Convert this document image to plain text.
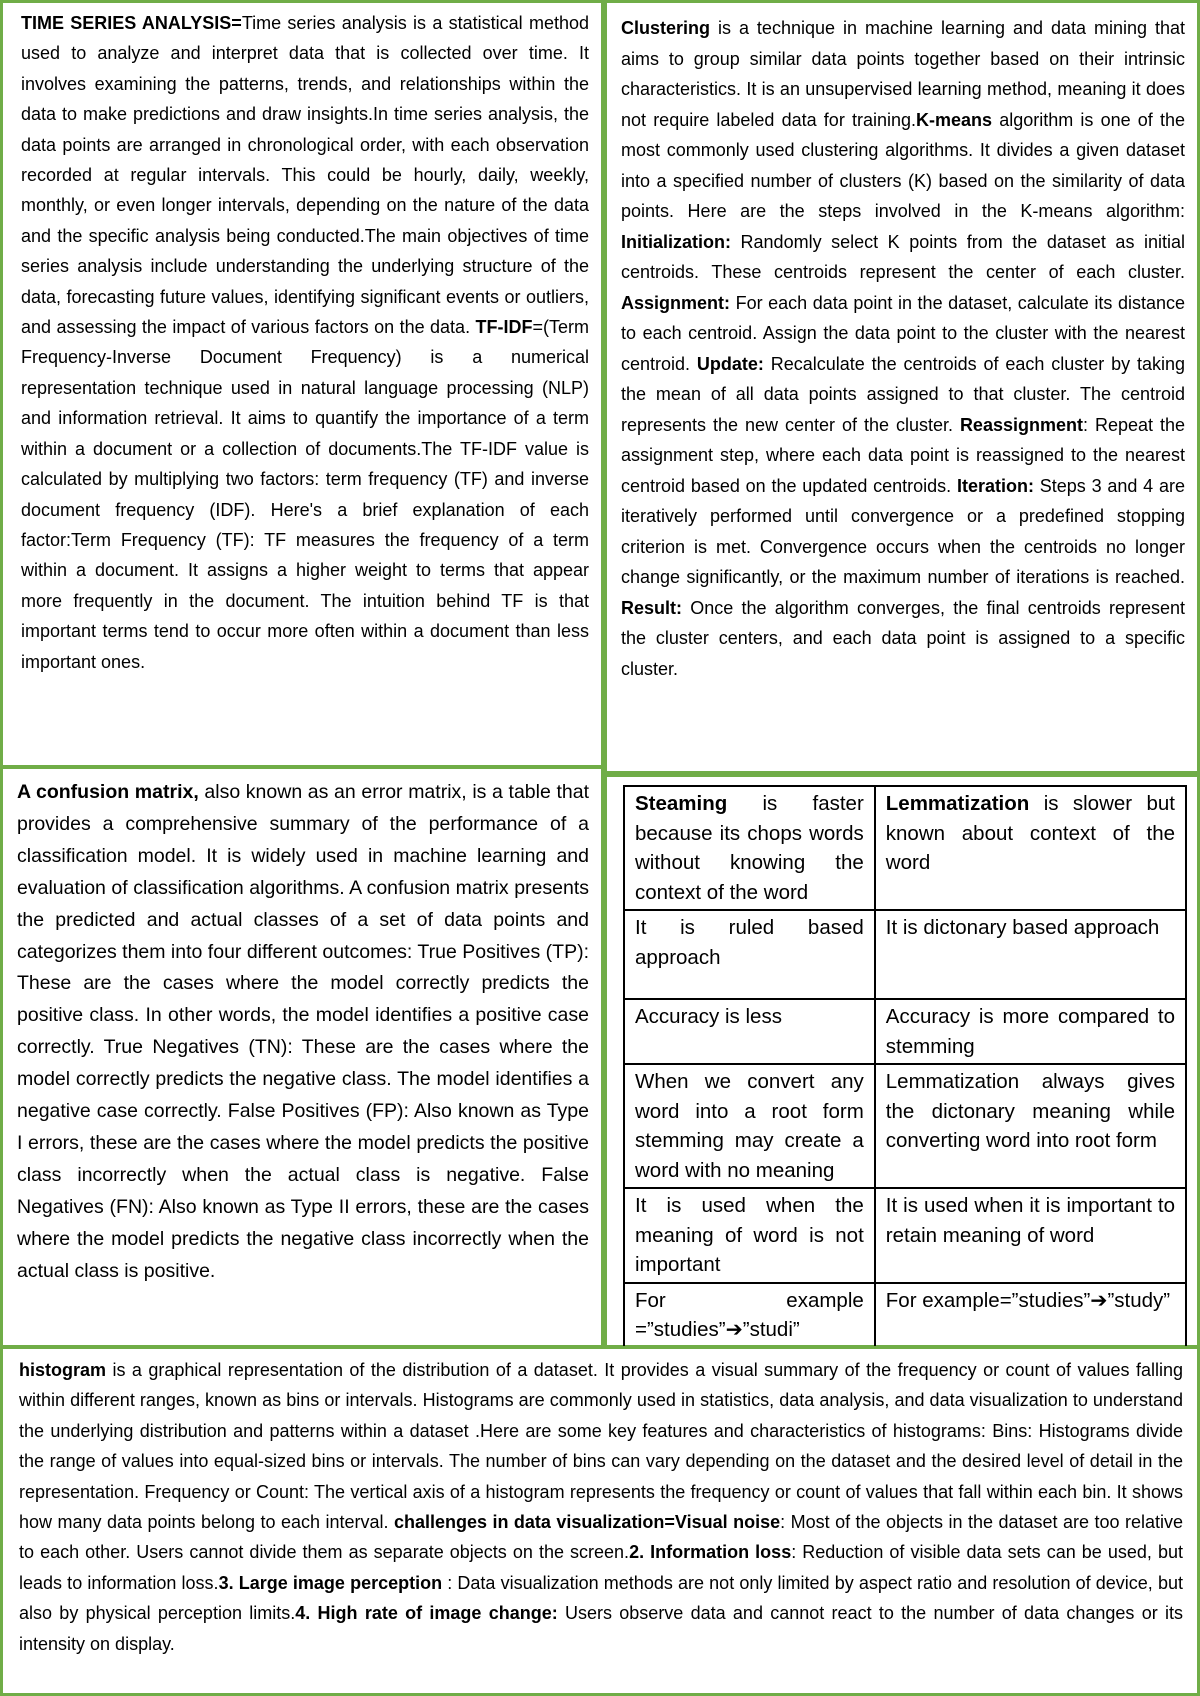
TIME SERIES ANALYSIS=Time series analysis is a statistical method used to analyze and interpret data that is collected over time. It involves examining the patterns, trends, and relationships within the data to make predictions and draw insights.In time series analysis, the data points are arranged in chronological order, with each observation recorded at regular intervals. This could be hourly, daily, weekly, monthly, or even longer intervals, depending on the nature of the data and the specific analysis being conducted.The main objectives of time series analysis include understanding the underlying structure of the data, forecasting future values, identifying significant events or outliers, and assessing the impact of various factors on the data. TF-IDF=(Term Frequency-Inverse Document Frequency) is a numerical representation technique used in natural language processing (NLP) and information retrieval. It aims to quantify the importance of a term within a document or a collection of documents.The TF-IDF value is calculated by multiplying two factors: term frequency (TF) and inverse document frequency (IDF). Here's a brief explanation of each factor:Term Frequency (TF): TF measures the frequency of a term within a document. It assigns a higher weight to terms that appear more frequently in the document. The intuition behind TF is that important terms tend to occur more often within a document than less important ones.
Clustering is a technique in machine learning and data mining that aims to group similar data points together based on their intrinsic characteristics. It is an unsupervised learning method, meaning it does not require labeled data for training.K-means algorithm is one of the most commonly used clustering algorithms. It divides a given dataset into a specified number of clusters (K) based on the similarity of data points. Here are the steps involved in the K-means algorithm: Initialization: Randomly select K points from the dataset as initial centroids. These centroids represent the center of each cluster. Assignment: For each data point in the dataset, calculate its distance to each centroid. Assign the data point to the cluster with the nearest centroid. Update: Recalculate the centroids of each cluster by taking the mean of all data points assigned to that cluster. The centroid represents the new center of the cluster. Reassignment: Repeat the assignment step, where each data point is reassigned to the nearest centroid based on the updated centroids. Iteration: Steps 3 and 4 are iteratively performed until convergence or a predefined stopping criterion is met. Convergence occurs when the centroids no longer change significantly, or the maximum number of iterations is reached. Result: Once the algorithm converges, the final centroids represent the cluster centers, and each data point is assigned to a specific cluster.
A confusion matrix, also known as an error matrix, is a table that provides a comprehensive summary of the performance of a classification model. It is widely used in machine learning and evaluation of classification algorithms. A confusion matrix presents the predicted and actual classes of a set of data points and categorizes them into four different outcomes: True Positives (TP): These are the cases where the model correctly predicts the positive class. In other words, the model identifies a positive case correctly. True Negatives (TN): These are the cases where the model correctly predicts the negative class. The model identifies a negative case correctly. False Positives (FP): Also known as Type I errors, these are the cases where the model predicts the positive class incorrectly when the actual class is negative. False Negatives (FN): Also known as Type II errors, these are the cases where the model predicts the negative class incorrectly when the actual class is positive.
Steaming is faster because its chops words without knowing the context of the word	Lemmatization is slower but known about context of the word
It is ruled based approach	It is dictonary based approach
Accuracy is less	Accuracy is more compared to stemming
When we convert any word into a root form stemming may create a word with no meaning	Lemmatization always gives the dictonary meaning while converting word into root form
It is used when the meaning of word is not important	It is used when it is important to retain meaning of word
For example =”studies”➔”studi”	For example=”studies”➔”study”
histogram is a graphical representation of the distribution of a dataset. It provides a visual summary of the frequency or count of values falling within different ranges, known as bins or intervals. Histograms are commonly used in statistics, data analysis, and data visualization to understand the underlying distribution and patterns within a dataset .Here are some key features and characteristics of histograms: Bins: Histograms divide the range of values into equal-sized bins or intervals. The number of bins can vary depending on the dataset and the desired level of detail in the representation. Frequency or Count: The vertical axis of a histogram represents the frequency or count of values that fall within each bin. It shows how many data points belong to each interval. challenges in data visualization=Visual noise: Most of the objects in the dataset are too relative to each other. Users cannot divide them as separate objects on the screen.2. Information loss: Reduction of visible data sets can be used, but leads to information loss.3. Large image perception : Data visualization methods are not only limited by aspect ratio and resolution of device, but also by physical perception limits.4. High rate of image change: Users observe data and cannot react to the number of data changes or its intensity on display.
